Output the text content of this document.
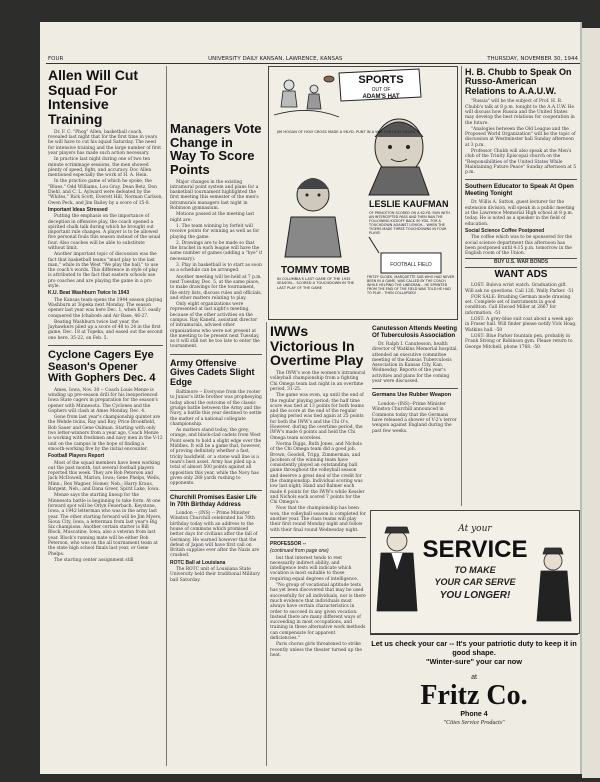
FOUR	UNIVERSITY DAILY KANSAN, LAWRENCE, KANSAS	THURSDAY, NOVEMBER 30, 1944
Allen Will Cut Squad For Intensive Training

Dr. F. C. "Phog" Allen, basketball coach, revealed last night that for the first time in years he will have to cut his squad Saturday. The need for intensive training and the large number of first year players has made such action necessary.

In practice last night during one of two ten minute scrimmage sessions, the men showed plenty of speed, fight, and accuracy. Doc Allen mentioned especially the work of H. A. Hein.

In the practice game of which he spoke, the "Blues," Odd Williams, Lou Gray, Dean Betz, Don Diehl, and C. L. Aylward were defeated by the "Whites," Rick Scott, Everett Hill, Norman Carlson, Owen Peck, and Jim Bailey by a score of 15-8.

Important Ideas Stressed

Putting the emphasis on the importance of deception in offensive play, the coach opened a spirited chalk talk during which he brought out important rule changes. A player is to be allowed five personal fouls this season instead of the usual four. Also coaches will be able to substitute without limit.

Another important topic of discussion was the fact that basketball teams "must play to the last man," while in the West "We play the ball," to use the coach's words. This difference in style of play is attributed to the fact that eastern schools use pro coaches and are playing the game in a pro style.

K.U. Beat Washburn Twice In 1943

The Kansas team opens the 1944 season playing Washburn at Topeka next Monday. The season opener last year was here Dec. 1, when K.U. easily conquered the Ichabods and Air Base, 46-27.

Beating Washburn twice last year, the Jayhawkers piled up a score of 48 to 24 in the first game, Dec. 18 at Topeka, and eased out the second one here, 35-22, on Feb. 5.

Cyclone Cagers Eye Season's Opener With Gophers Dec. 4

Ames, Iowa, Nov. 30 -- Coach Louis Menze is winding up pre-season drill for his inexperienced Iowa State cagers in preparation for the season's opener with Minnesota. The Cyclones and the Gophers will clash at Ames Monday, Dec. 4.

Gone from last year's championship quintet are the Wehde twins, Ray and Roy, Price Brookfield, Bob Sauer and Gene Oulman. Starting with only two letter-winners from a year ago, Coach Menze is working with freshmen and navy men in the V-12 unit on the campus in the hope of finding a smooth-working five by the initial encounter.

Football Players Report

Most of the squad members have been working out the past month, but several football players reported this week. They are Bob Peterson and Jack McDowell, Marion, Iowa; Gene Phelps, Wells, Minn.; Rex Wagner, Homer, Neb.; Harry Kraus, Bargent, Neb.; and Dana Greer, Spirit Lake, Iowa.

Menze says the starting lineup for the Minnesota battle is beginning to take form. At one forward spot will be Orlyn Feuerbach, Keystone, Iowa, a 1942 letterman who was in the army last year. The other starting forward will be Jim Myers, Sioux City, Iowa, a letterman from last year's Big Six champions. Another certain starter is Bill Block, Muscatine, Iowa, also a veteran from last year. Block's running mate will be either Bob Peterson, who was on the all tournament team at the state high school finals last year, or Gene Phelps.

The starting center assignment still

Managers Vote Change in Way To Score Points

Major changes in the existing intramural point system and plans for a basketball tournament highlighted the first meeting this semester of the men's intramurals managers last night in Robinson gymnasium.

Motions passed at the meeting last night are:

1. The team winning by forfeit will receive points for winning as well as for playing the game.

2. Drawings are to be made so that the bracket in each league will have the same number of games (adding a "bye" if necessary).

3. Play in basketball is to start as soon as a schedule can be arranged.

Another meeting will be held at 7 p.m. next Tuesday, Dec. 5, at the same place, to make drawings for the tournament, file entry lists, discuss rules and officials, and other matters relating to play.

Only eight organizations were represented at last night's meeting, because of the other activities on the campus. Ray Kanehl, assistant director of intramurals, advised other organizations who were not present at the meeting to be present next Tuesday, as it will still not be too late to enter the tournament.

Army Offensive Gives Cadets Slight Edge

Baltimore -- Everyone from the rooter to Junior's little brother was prophesying today about the outcome of the classic grudge battle between the Army and the Navy, a battle this year destined to settle the matter of a national collegiate championship.

As matters stand today, the grey, orange, and black-clad cadets from West Point seem to hold a slight edge over the Middies. It will be a game that, however, of proving definitely whether a fast, tricky backfield, or a stone wall line is a team's best asset. Army has piled up a total of almost 500 points against all opposition this year, while the Navy has given only 288 yards rushing to opponents.

Churchill Promises Easier Life In 70th Birthday Address

London -- (INS) -- Prime Minister Winston Churchill celebrated his 70th birthday today with an address to the house of commons which promised better days for civilians after the fall of Germany. He warned however that the defeat of Japan will have first call on British supplies ever after the Nazis are crushed.

ROTC Ball at Louisiana

The ROTC unit of Louisiana State University held their traditional Military ball Saturday.

SPORTS
OUT OF
ADAM'S HAT
JIM HOGAN OF HOLY CROSS MADE A 98-YD. PUNT IN A WIN FOR HOLY CROSS
LESLIE KAUFMAN
OF PRINCETON SCORED ON A 62-YD. RUN WITH AN INTERCEPTED PASS AND THEN RAN THE FOLLOWING KICKOFF BACK 90 YDS. FOR A TOUCHDOWN AGAINST LEHIGH... WHEN THE TIGERS MADE THREE TOUCHDOWNS IN FOUR PLAYS!
TOMMY TOMB
IN COLUMBIA'S LAST GAME OF THE 1935 SEASON... SCORED A TOUCHDOWN IN THE LAST PLAY OF THE GAME
FOOTBALL FIELD
FRITZY GLOJEK, MARQUETTE SUB WHO HAD NEVER BEEN IN A GAME, WAS CALLED BY THE COACH WHILE HELPING THE LINESMAN... HE SPRINTED FROM THE END OF THE FIELD WAS TOLD HE HAD TO PLAY - THEN COLLAPSED!
IWWs Victorious In Overtime Play

The IWW's won the women's intramural volleyball championship from a fighting Chi Omega team last night in an overtime period, 31-25.

The game was even, up until the end of the regular playing period; the half time score was tied at 13 points for both teams and the score at the end of the regular playing period was tied again at 25 points for both the IWW's and the Chi O's. However, during the overtime period, the IWW's made 6 points and held the Chi Omega team scoreless.

Norma Diggs, Ruth Jones, and Nichols of the Chi Omega team did a good job. Brown, Goodell, Tripp, Zimmerman, and Jacobson of the winning team have consistently played an outstanding ball game throughout the volleyball season and deserve a great deal of the credit for the championship. Individual scoring was low last night; Hand and Balmer each made 6 points for the IWW's while Kessler and Nichols each scored 7 points for the Chi Omega's.

Now that the championship has been won, the volleyball season is completed for another year. The class teams will play their first round Monday night and follow with their final round Wednesday night.

PROFESSOR --
(continued from page one)

but that interest tends to rest necessarily indirect ability, and intelligence tests will indicate which vocation is most suitable to those requiring equal degrees of intelligence.

"No group of vocational aptitude tests has yet been discovered that may be used successfully for all individuals, nor is there much evidence that individuals must always have certain characteristics in order to succeed in any given vocation. Instead there are many different ways of succeeding in most occupations, and training in these alternative work methods can compensate for apparent deficiencies."

Paris chorus girls threatened to strike recently unless the theater turned up the heat.

Canutesson Attends Meeting Of Tuberculosis Association

Dr. Ralph I. Canutesson, health director of Watkins Memorial hospital, attended an executive committee meeting of the Kansas Tuberculosis Association in Kansas City, Kan. Wednesday. Reports of the year's activities and plans for the coming year were discussed.

Germans Use Rubber Weapon

London--(INS)--Prime Minister Winston Churchill announced in Commons today that the Germans have released a shower of V-2's terror weapon against England during the past few weeks.

H. B. Chubb to Speak On Russo-American Relations to A.A.U.W.

"Russia" will be the subject of Prof. H. B. Chubb's talk at 8 p.m. tonight to the A.A.U.W. He will discuss how Russia and the United States may develop the best relations for cooperation in the future.

"Analogies between the Old League and the Proposed World Organization" will be the topic of discussion at Westminster hall Sunday afternoon at 3 p.m.

Professor Chubb will also speak at the Men's club of the Trinity Episcopal church on the "Responsibilities of the United States While Maintaining Future Peace" Sunday afternoon at 5 p.m.

Southern Educator to Speak At Open Meeting Tonight

Dr. Willis A. Sutton, guest lecturer for the extension division, will speak in a public meeting at the Lawrence Memorial High school at 8 p.m. today. He is noted as a speaker in the field of education.

Social Science Coffee Postponed

The coffee which was to be sponsored for the social science department this afternoon has been postponed until 4:15 p.m. tomorrow in the English room of the Union.

BUY U.S. WAR BONDS
WANT ADS

LOST: Bulova wrist watch. Graduation gift. Will ask no questions. Call 126, Wally Parker. -51

FOR SALE: Brushing German mode drawing set. Complete set of instruments in good condition. Call Elwood Miller at 2667 for information. -51

LOST: A grey-blue suit coat about a week ago in Fraser hall. Will finder please notify Vick Hoag. Watkins hall. -50

LOST: Blue Parker fountain pen, probably in Frank Strong or Robinson gym. Please return to George Mitchell, phone 1768. -50

At your
SERVICE
TO MAKE
YOUR CAR SERVE
YOU LONGER!
Let us check your car -- It's your patriotic duty to keep it in good shape.
"Winter-sure" your car now
at
Fritz Co.
Phone 4
"Cities Service Products"
